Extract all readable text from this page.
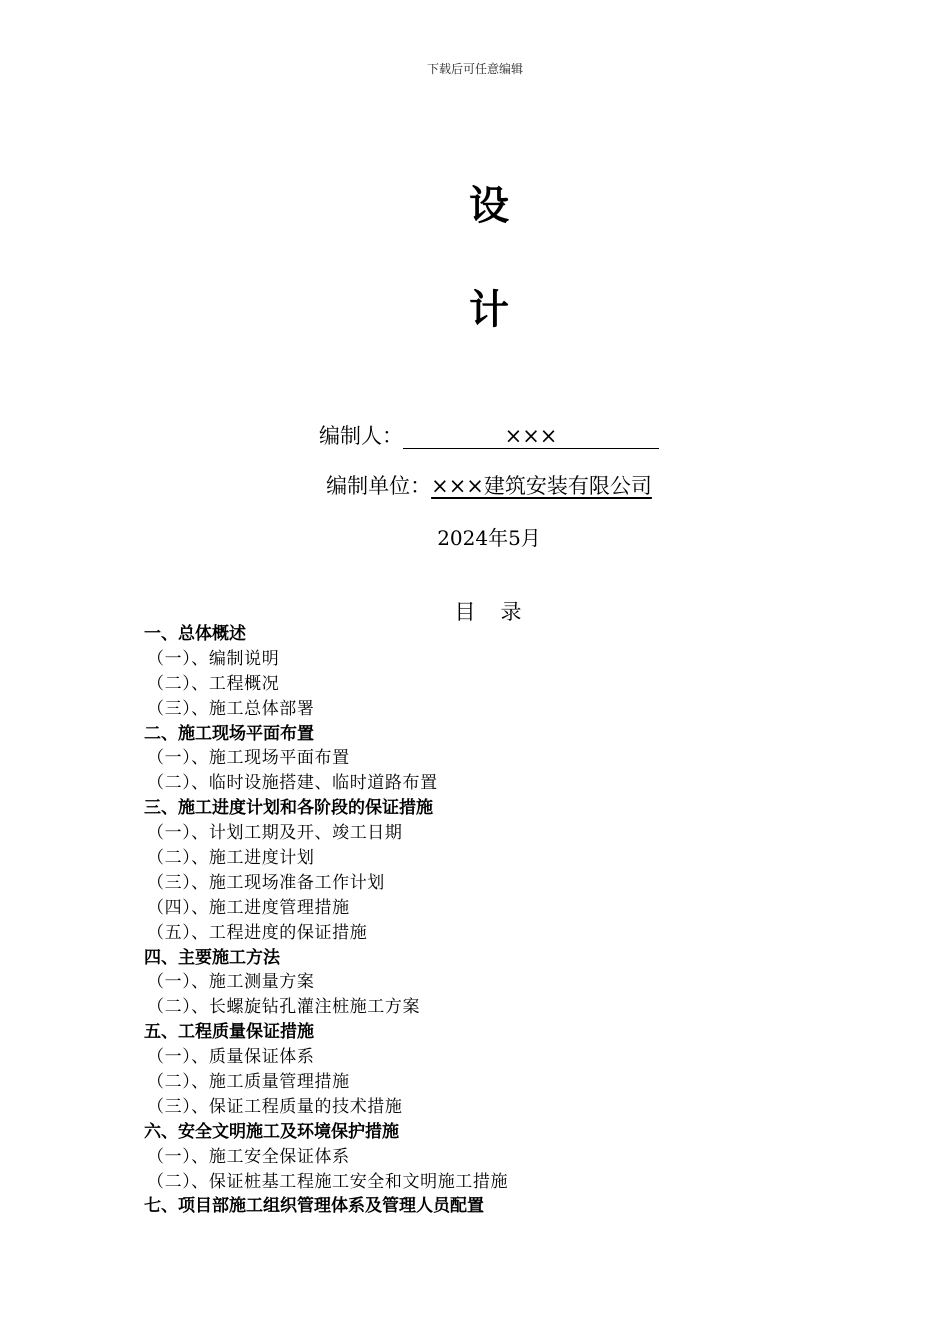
下载后可任意编辑
设
计
编制人：	×××
编制单位：×××建筑安装有限公司
2024年5月
目　录
一、总体概述
（一）、编制说明
（二）、工程概况
（三）、施工总体部署
二、施工现场平面布置
（一）、施工现场平面布置
（二）、临时设施搭建、临时道路布置
三、施工进度计划和各阶段的保证措施
（一）、计划工期及开、竣工日期
（二）、施工进度计划
（三）、施工现场准备工作计划
（四）、施工进度管理措施
（五）、工程进度的保证措施
四、主要施工方法
（一）、施工测量方案
（二）、长螺旋钻孔灌注桩施工方案
五、工程质量保证措施
（一）、质量保证体系
（二）、施工质量管理措施
（三）、保证工程质量的技术措施
六、安全文明施工及环境保护措施
（一）、施工安全保证体系
（二）、保证桩基工程施工安全和文明施工措施
七、项目部施工组织管理体系及管理人员配置
